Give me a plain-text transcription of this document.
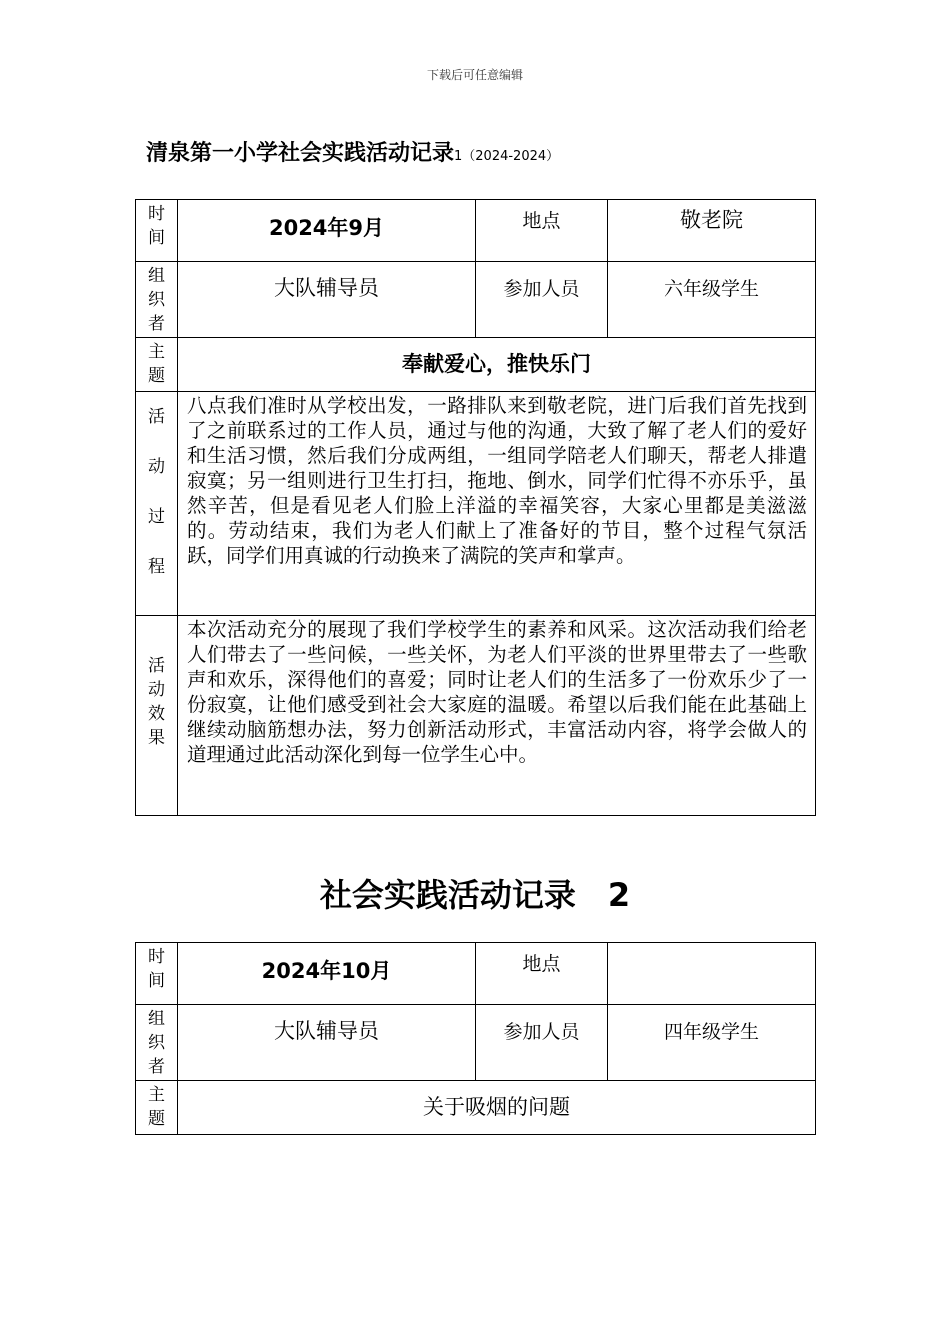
下载后可任意编辑
清泉第一小学社会实践活动记录1（2024-2024）
时间	2024年9月	地点	敬老院
组织者	大队辅导员	参加人员	六年级学生
主题	奉献爱心，推快乐门		

活动过程	八点我们准时从学校出发，一路排队来到敬老院，进门后我们首先找到了之前联系过的工作人员，通过与他的沟通，大致了解了老人们的爱好和生活习惯，然后我们分成两组，一组同学陪老人们聊天，帮老人排遣寂寞；另一组则进行卫生打扫，拖地、倒水，同学们忙得不亦乐乎，虽然辛苦，但是看见老人们脸上洋溢的幸福笑容，大家心里都是美滋滋的。劳动结束，我们为老人们献上了准备好的节目，整个过程气氛活跃，同学们用真诚的行动换来了满院的笑声和掌声。		

活动效果	本次活动充分的展现了我们学校学生的素养和风采。这次活动我们给老人们带去了一些问候，一些关怀，为老人们平淡的世界里带去了一些歌声和欢乐，深得他们的喜爱；同时让老人们的生活多了一份欢乐少了一份寂寞，让他们感受到社会大家庭的温暖。希望以后我们能在此基础上继续动脑筋想办法，努力创新活动形式，丰富活动内容，将学会做人的道理通过此活动深化到每一位学生心中。		
社会实践活动记录　2
时间	2024年10月	地点	
组织者	大队辅导员	参加人员	四年级学生
主题	关于吸烟的问题		
